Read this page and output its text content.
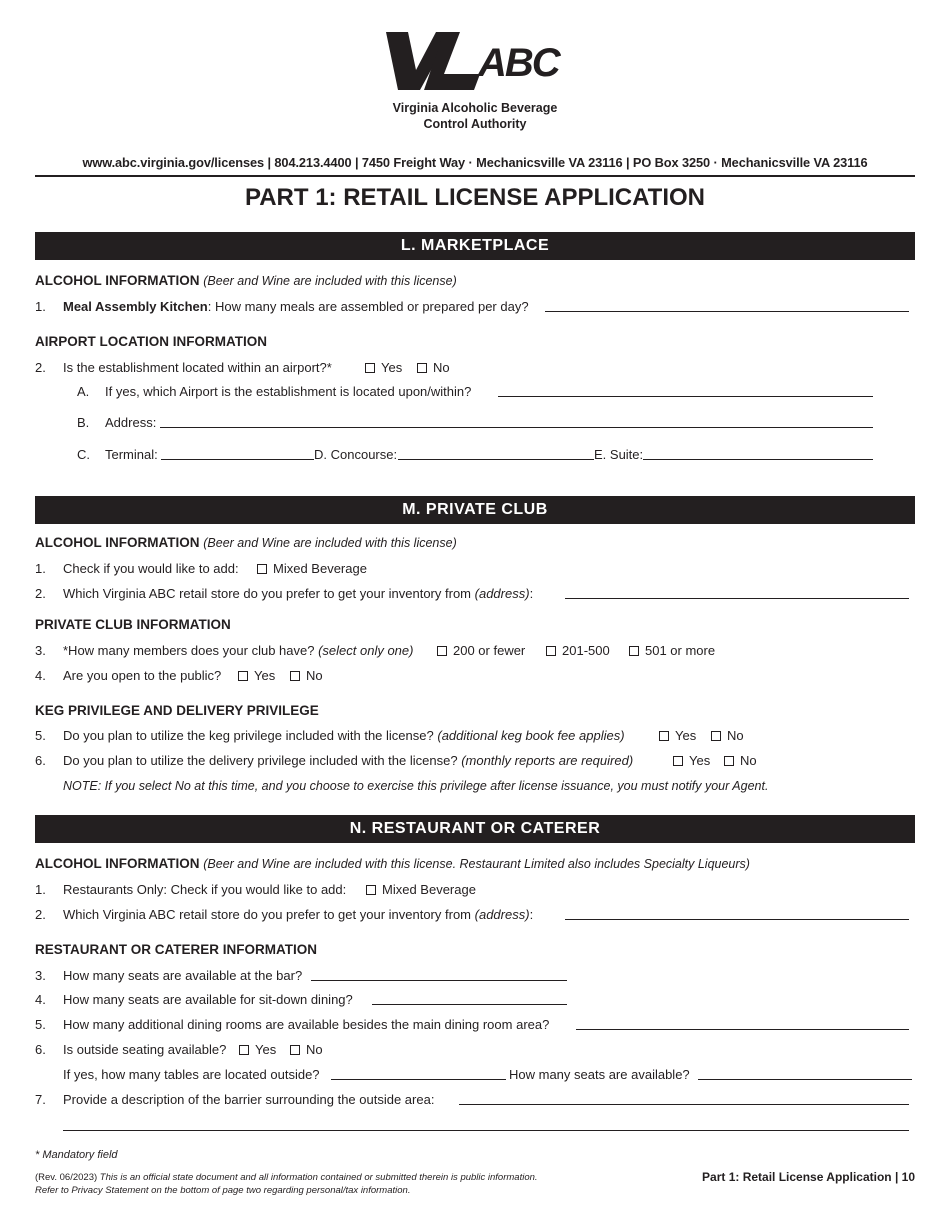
ABC
Virginia Alcoholic Beverage
Control Authority
www.abc.virginia.gov/licenses | 804.213.4400 | 7450 Freight Way · Mechanicsville VA 23116 | PO Box 3250 · Mechanicsville VA 23116
PART 1: RETAIL LICENSE APPLICATION
L. MARKETPLACE
ALCOHOL INFORMATION (Beer and Wine are included with this license)
1. Meal Assembly Kitchen: How many meals are assembled or prepared per day?
AIRPORT LOCATION INFORMATION
2. Is the establishment located within an airport?*	Yes	No
A. If yes, which Airport is the establishment is located upon/within?
B. Address:
C. Terminal:	D. Concourse:	E. Suite:
M. PRIVATE CLUB
ALCOHOL INFORMATION (Beer and Wine are included with this license)
1. Check if you would like to add:	Mixed Beverage
2. Which Virginia ABC retail store do you prefer to get your inventory from (address):
PRIVATE CLUB INFORMATION
3. *How many members does your club have? (select only one)	200 or fewer	201-500	501 or more
4. Are you open to the public?	Yes	No
KEG PRIVILEGE AND DELIVERY PRIVILEGE
5. Do you plan to utilize the keg privilege included with the license? (additional keg book fee applies)	Yes	No
6. Do you plan to utilize the delivery privilege included with the license? (monthly reports are required)	Yes	No
NOTE: If you select No at this time, and you choose to exercise this privilege after license issuance, you must notify your Agent.
N. RESTAURANT OR CATERER
ALCOHOL INFORMATION (Beer and Wine are included with this license. Restaurant Limited also includes Specialty Liqueurs)
1. Restaurants Only: Check if you would like to add:	Mixed Beverage
2. Which Virginia ABC retail store do you prefer to get your inventory from (address):
RESTAURANT OR CATERER INFORMATION
3. How many seats are available at the bar?
4. How many seats are available for sit-down dining?
5. How many additional dining rooms are available besides the main dining room area?
6. Is outside seating available?	Yes	No
If yes, how many tables are located outside?	How many seats are available?
7. Provide a description of the barrier surrounding the outside area:
* Mandatory field
(Rev. 06/2023) This is an official state document and all information contained or submitted therein is public information.
Refer to Privacy Statement on the bottom of page two regarding personal/tax information.
Part 1: Retail License Application | 10
